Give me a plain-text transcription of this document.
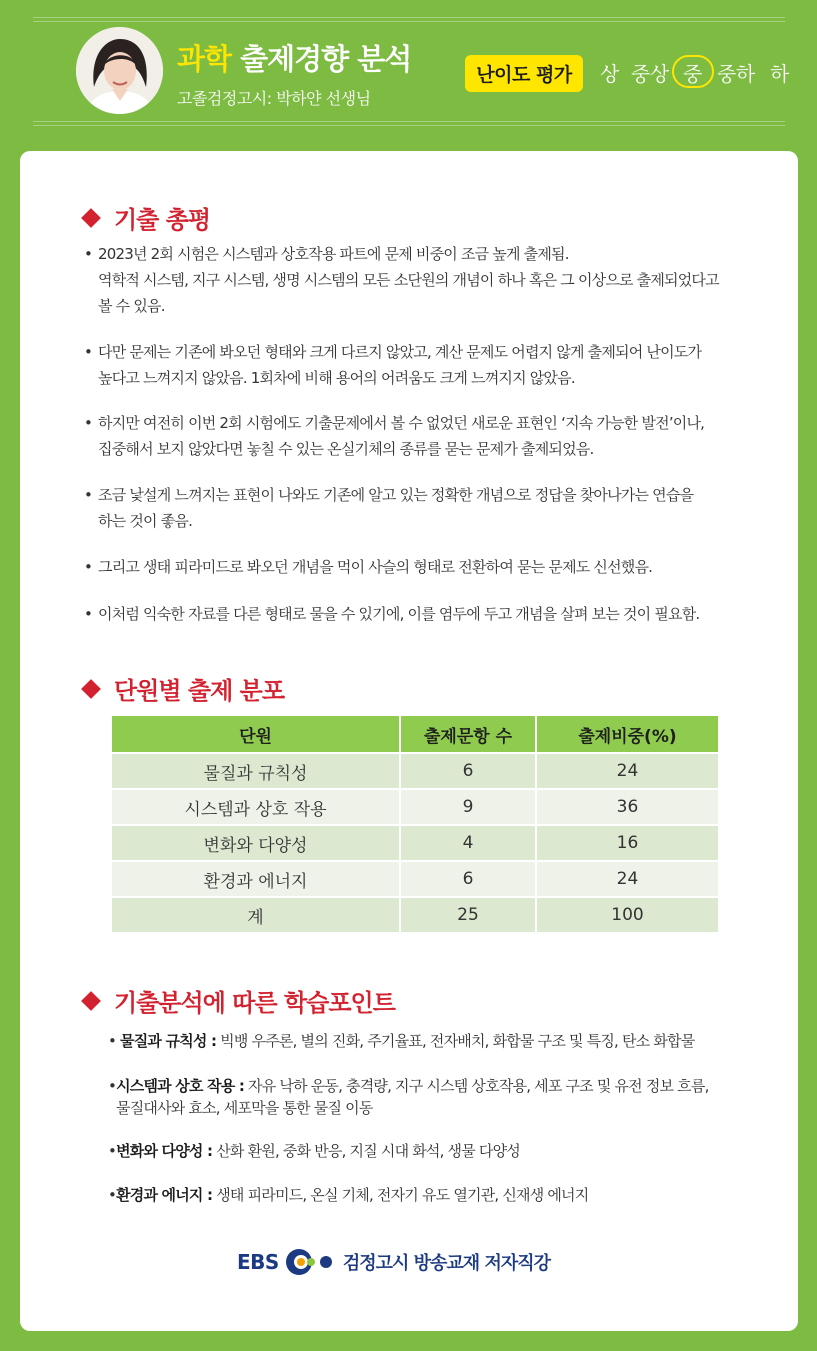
과학 출제경향 분석
고졸검정고시: 박하얀 선생님
난이도 평가	상 중상 중 중하 하
기출 총평
• 2023년 2회 시험은 시스템과 상호작용 파트에 문제 비중이 조금 높게 출제됨.
역학적 시스템, 지구 시스템, 생명 시스템의 모든 소단원의 개념이 하나 혹은 그 이상으로 출제되었다고
볼 수 있음.
• 다만 문제는 기존에 봐오던 형태와 크게 다르지 않았고, 계산 문제도 어렵지 않게 출제되어 난이도가
높다고 느껴지지 않았음. 1회차에 비해 용어의 어려움도 크게 느껴지지 않았음.
• 하지만 여전히 이번 2회 시험에도 기출문제에서 볼 수 없었던 새로운 표현인 ‘지속 가능한 발전’이나,
집중해서 보지 않았다면 놓칠 수 있는 온실기체의 종류를 묻는 문제가 출제되었음.
• 조금 낯설게 느껴지는 표현이 나와도 기존에 알고 있는 정확한 개념으로 정답을 찾아나가는 연습을
하는 것이 좋음.
• 그리고 생태 피라미드로 봐오던 개념을 먹이 사슬의 형태로 전환하여 묻는 문제도 신선했음.
• 이처럼 익숙한 자료를 다른 형태로 물을 수 있기에, 이를 염두에 두고 개념을 살펴 보는 것이 필요함.
단원별 출제 분포
단원	출제문항 수	출제비중(%)
물질과 규칙성	6	24
시스템과 상호 작용	9	36
변화와 다양성	4	16
환경과 에너지	6	24
계	25	100
기출분석에 따른 학습포인트
• 물질과 규칙성 : 빅뱅 우주론, 별의 진화, 주기율표, 전자배치, 화합물 구조 및 특징, 탄소 화합물
•시스템과 상호 작용 : 자유 낙하 운동, 충격량, 지구 시스템 상호작용, 세포 구조 및 유전 정보 흐름,
물질대사와 효소, 세포막을 통한 물질 이동
•변화와 다양성 : 산화 환원, 중화 반응, 지질 시대 화석, 생물 다양성
•환경과 에너지 : 생태 피라미드, 온실 기체, 전자기 유도 열기관, 신재생 에너지
EBS	검정고시 방송교재 저자직강
